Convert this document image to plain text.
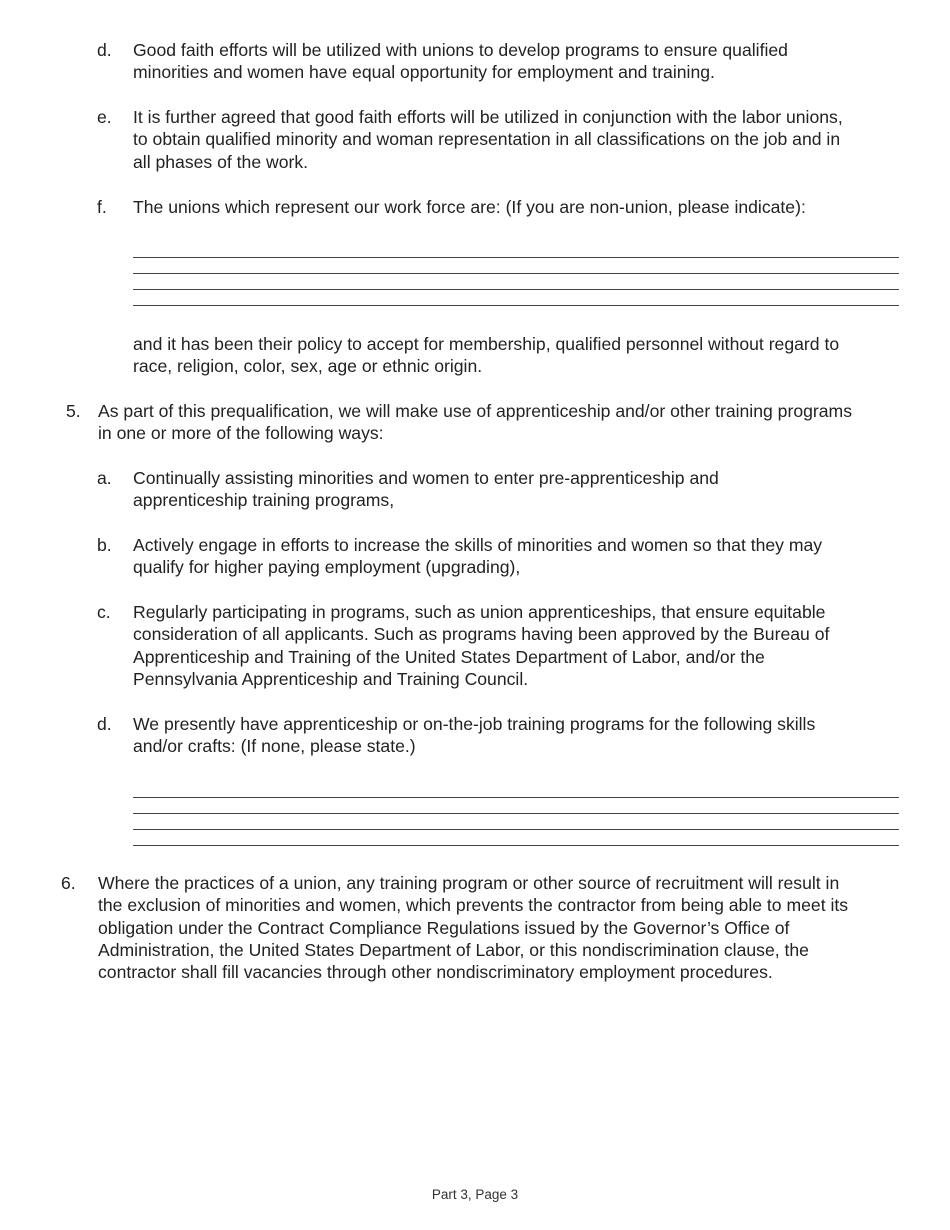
d. Good faith efforts will be utilized with unions to develop programs to ensure qualified
minorities and women have equal opportunity for employment and training.
e. It is further agreed that good faith efforts will be utilized in conjunction with the labor unions,
to obtain qualified minority and woman representation in all classifications on the job and in
all phases of the work.
f. The unions which represent our work force are: (If you are non-union, please indicate):
and it has been their policy to accept for membership, qualified personnel without regard to
race, religion, color, sex, age or ethnic origin.
5. As part of this prequalification, we will make use of apprenticeship and/or other training programs
in one or more of the following ways:
a. Continually assisting minorities and women to enter pre-apprenticeship and
apprenticeship training programs,
b. Actively engage in efforts to increase the skills of minorities and women so that they may
qualify for higher paying employment (upgrading),
c. Regularly participating in programs, such as union apprenticeships, that ensure equitable
consideration of all applicants. Such as programs having been approved by the Bureau of
Apprenticeship and Training of the United States Department of Labor, and/or the
Pennsylvania Apprenticeship and Training Council.
d. We presently have apprenticeship or on-the-job training programs for the following skills
and/or crafts: (If none, please state.)
6. Where the practices of a union, any training program or other source of recruitment will result in
the exclusion of minorities and women, which prevents the contractor from being able to meet its
obligation under the Contract Compliance Regulations issued by the Governor’s Office of
Administration, the United States Department of Labor, or this nondiscrimination clause, the
contractor shall fill vacancies through other nondiscriminatory employment procedures.
Part 3, Page 3
